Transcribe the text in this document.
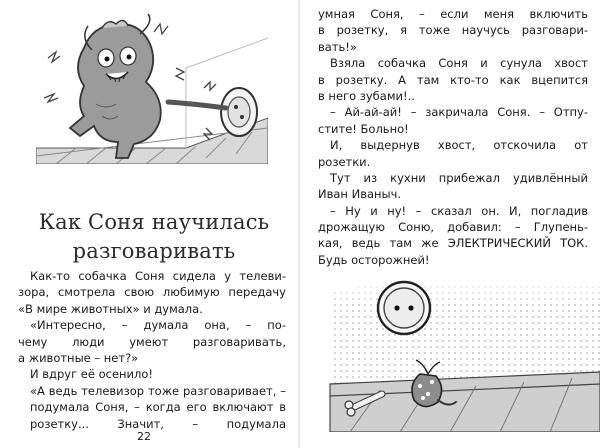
Как Соня научилась
разговаривать
Как-то собачка Соня сидела у телеви-
зора, смотрела свою любимую передачу
«В мире животных» и думала.
«Интересно, – думала она, – по-
чему люди умеют разговаривать,
а животные – нет?»
И вдруг её осенило!
«А ведь телевизор тоже разговаривает, – подумала Соня, – когда его включают в розетку... Значит, – подумала
22
умная Соня, – если меня включить
в розетку, я тоже научусь разговари-
вать!»
Взяла собачка Соня и сунула хвост
в розетку. А там кто-то как вцепится
в него зубами!..
– Ай-ай-ай! – закричала Соня. – Отпу-
стите! Больно!
И, выдернув хвост, отскочила от
розетки.
Тут из кухни прибежал удивлённый
Иван Иваныч.
– Ну и ну! – сказал он. И, погладив
дрожащую Соню, добавил: – Глупень-
кая, ведь там же ЭЛЕКТРИЧЕСКИЙ ТОК.
Будь осторожней!
